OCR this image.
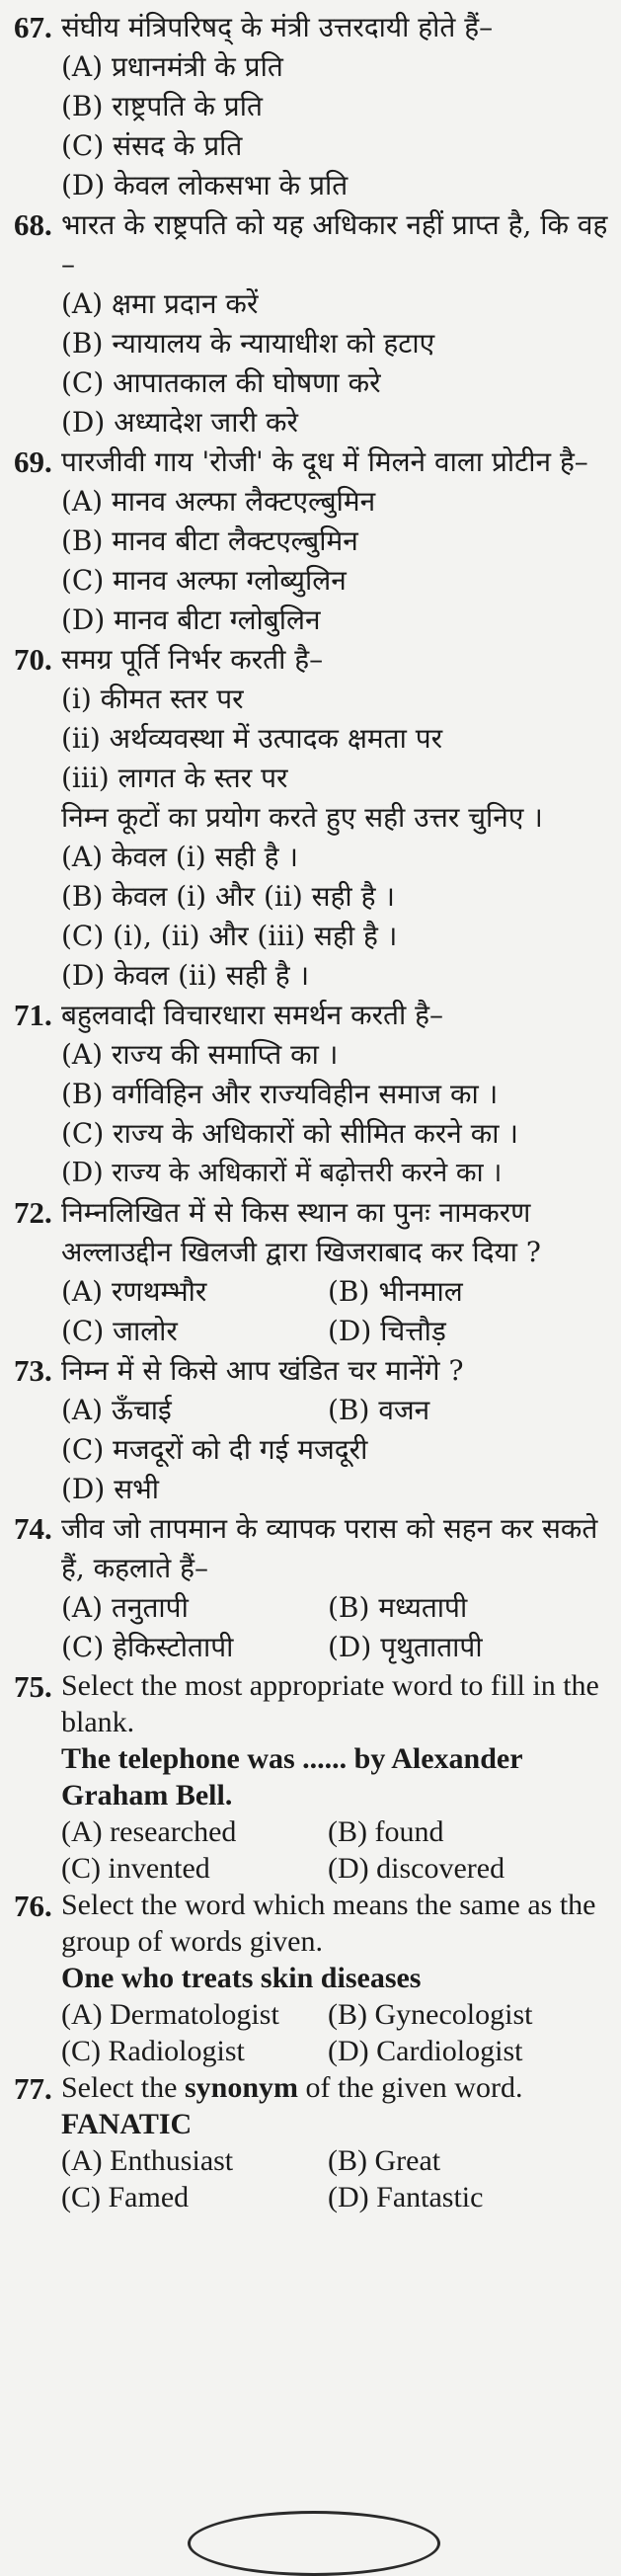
67. संघीय मंत्रिपरिषद् के मंत्री उत्तरदायी होते हैं–
(A) प्रधानमंत्री के प्रति
(B) राष्ट्रपति के प्रति
(C) संसद के प्रति
(D) केवल लोकसभा के प्रति
68. भारत के राष्ट्रपति को यह अधिकार नहीं प्राप्त है, कि वह –
(A) क्षमा प्रदान करें
(B) न्यायालय के न्यायाधीश को हटाए
(C) आपातकाल की घोषणा करे
(D) अध्यादेश जारी करे
69. पारजीवी गाय 'रोजी' के दूध में मिलने वाला प्रोटीन है–
(A) मानव अल्फा लैक्टएल्बुमिन
(B) मानव बीटा लैक्टएल्बुमिन
(C) मानव अल्फा ग्लोब्युलिन
(D) मानव बीटा ग्लोबुलिन
70. समग्र पूर्ति निर्भर करती है–
(i) कीमत स्तर पर
(ii) अर्थव्यवस्था में उत्पादक क्षमता पर
(iii) लागत के स्तर पर
निम्न कूटों का प्रयोग करते हुए सही उत्तर चुनिए ।
(A) केवल (i) सही है ।
(B) केवल (i) और (ii) सही है ।
(C) (i), (ii) और (iii) सही है ।
(D) केवल (ii) सही है ।
71. बहुलवादी विचारधारा समर्थन करती है–
(A) राज्य की समाप्ति का ।
(B) वर्गविहिन और राज्यविहीन समाज का ।
(C) राज्य के अधिकारों को सीमित करने का ।
(D) राज्य के अधिकारों में बढ़ोत्तरी करने का ।
72. निम्नलिखित में से किस स्थान का पुनः नामकरण अल्लाउद्दीन खिलजी द्वारा खिजराबाद कर दिया ?
(A) रणथम्भौर	(B) भीनमाल
(C) जालोर	(D) चित्तौड़
73. निम्न में से किसे आप खंडित चर मानेंगे ?
(A) ऊँचाई	(B) वजन
(C) मजदूरों को दी गई मजदूरी
(D) सभी
74. जीव जो तापमान के व्यापक परास को सहन कर सकते हैं, कहलाते हैं–
(A) तनुतापी	(B) मध्यतापी
(C) हेकिस्टोतापी	(D) पृथुतातापी
75. Select the most appropriate word to fill in the blank.
The telephone was ...... by Alexander Graham Bell.
(A) researched	(B) found
(C) invented	(D) discovered
76. Select the word which means the same as the group of words given.
One who treats skin diseases
(A) Dermatologist	(B) Gynecologist
(C) Radiologist	(D) Cardiologist
77. Select the synonym of the given word.
FANATIC
(A) Enthusiast	(B) Great
(C) Famed	(D) Fantastic
